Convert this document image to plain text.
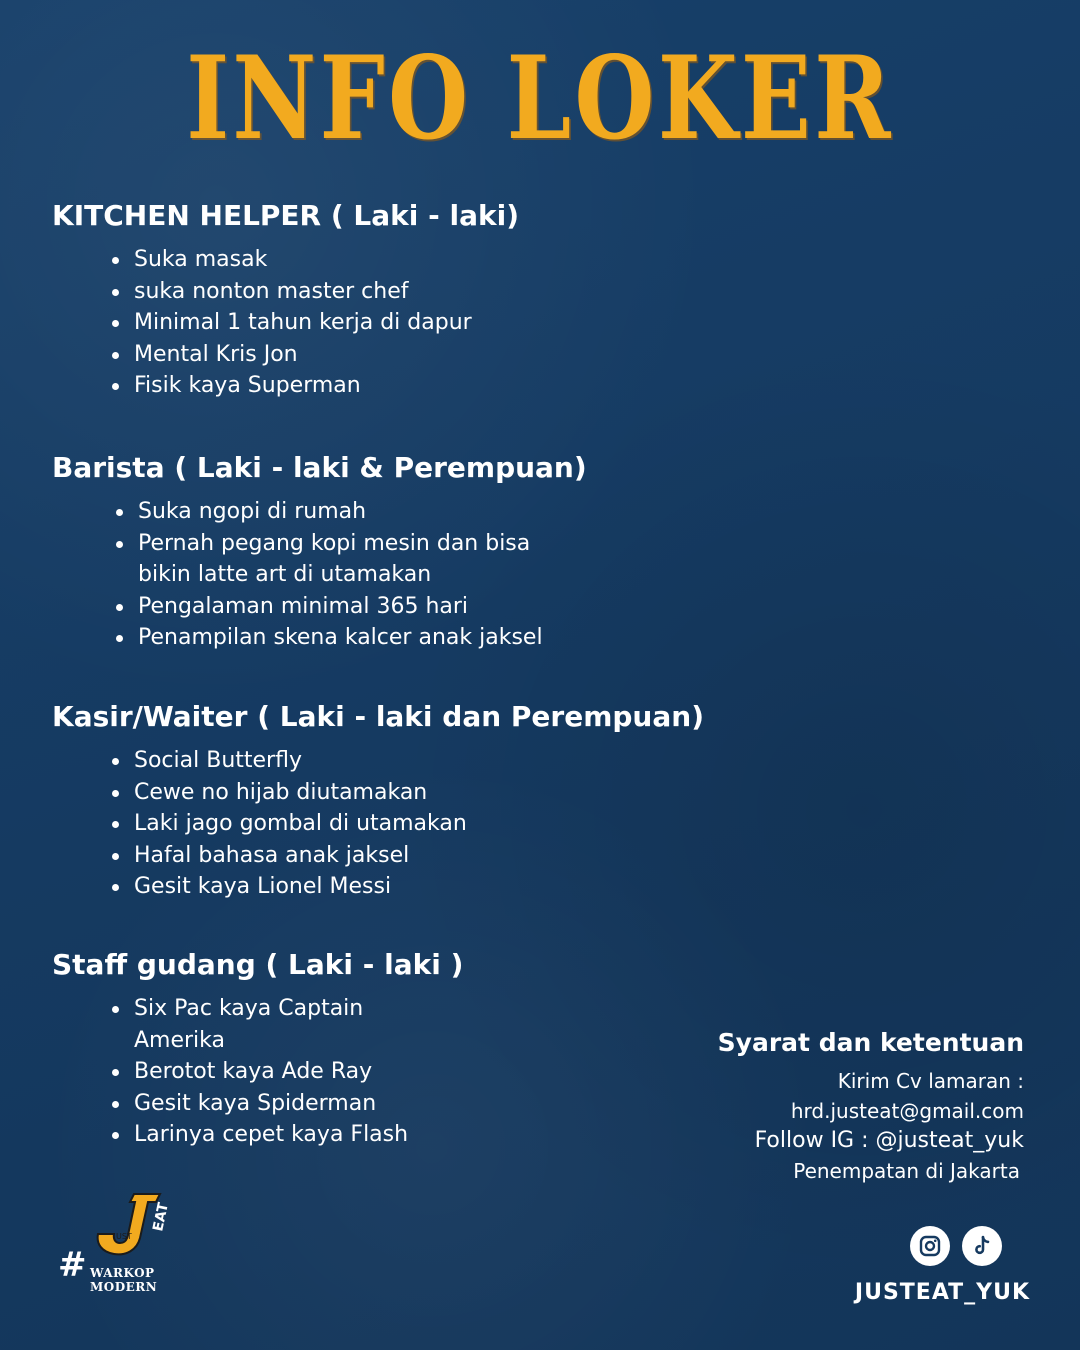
INFO LOKER
KITCHEN HELPER ( Laki - laki)
Suka masak
suka nonton master chef
Minimal 1 tahun kerja di dapur
Mental Kris Jon
Fisik kaya Superman
Barista ( Laki - laki & Perempuan)
Suka ngopi di rumah
Pernah pegang kopi mesin dan bisa bikin latte art di utamakan
Pengalaman minimal 365 hari
Penampilan skena kalcer anak jaksel
Kasir/Waiter ( Laki - laki dan Perempuan)
Social Butterfly
Cewe no hijab diutamakan
Laki jago gombal di utamakan
Hafal bahasa anak jaksel
Gesit kaya Lionel Messi
Staff gudang ( Laki - laki )
Six Pac kaya Captain Amerika
Berotot kaya Ade Ray
Gesit kaya Spiderman
Larinya cepet kaya Flash
Syarat dan ketentuan
Kirim Cv lamaran :
hrd.justeat@gmail.com
Follow IG : @justeat_yuk
Penempatan di Jakarta
JUSTEAT_YUK
UST
EAT
# WARKOP MODERN
